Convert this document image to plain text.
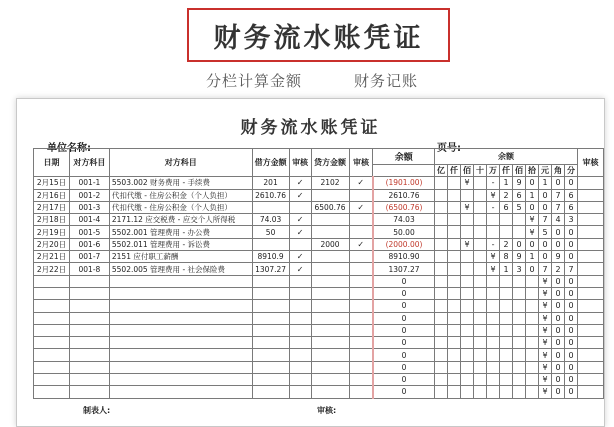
财务流水账凭证
分栏计算金额	财务记账
财务流水账凭证
单位名称:	页号:
日期	对方科目	对方科目	借方金额	审核	贷方金额	审核	余额	余额											审核
								亿	仟	佰	十	万	仟	佰	拾	元	角	分	
2月15日	001-1	5503.002 财务费用 - 手续费	201	✓	2102	✓	(1901.00)			¥		-	1	9	0	1	0	0	
2月16日	001-2	代扣代缴 - 住房公积金（个人负担）	2610.76	✓			2610.76					¥	2	6	1	0	7	6	
2月17日	001-3	代扣代缴 - 住房公积金（个人负担）			6500.76	✓	(6500.76)			¥		-	6	5	0	0	7	6	
2月18日	001-4	2171.12 应交税费 - 应交个人所得税	74.03	✓			74.03								¥	7	4	3	
2月19日	001-5	5502.001 管理费用 - 办公费	50	✓			50.00								¥	5	0	0	
2月20日	001-6	5502.011 管理费用 - 诉讼费			2000	✓	(2000.00)			¥		-	2	0	0	0	0	0	
2月21日	001-7	2151 应付职工薪酬	8910.9	✓			8910.90					¥	8	9	1	0	9	0	
2月22日	001-8	5502.005 管理费用 - 社会保险费	1307.27	✓			1307.27					¥	1	3	0	7	2	7	
							0									¥	0	0	
							0									¥	0	0	
							0									¥	0	0	
							0									¥	0	0	
							0									¥	0	0	
							0									¥	0	0	
							0									¥	0	0	
							0									¥	0	0	
							0									¥	0	0	
							0									¥	0	0	
制表人:	审核:
